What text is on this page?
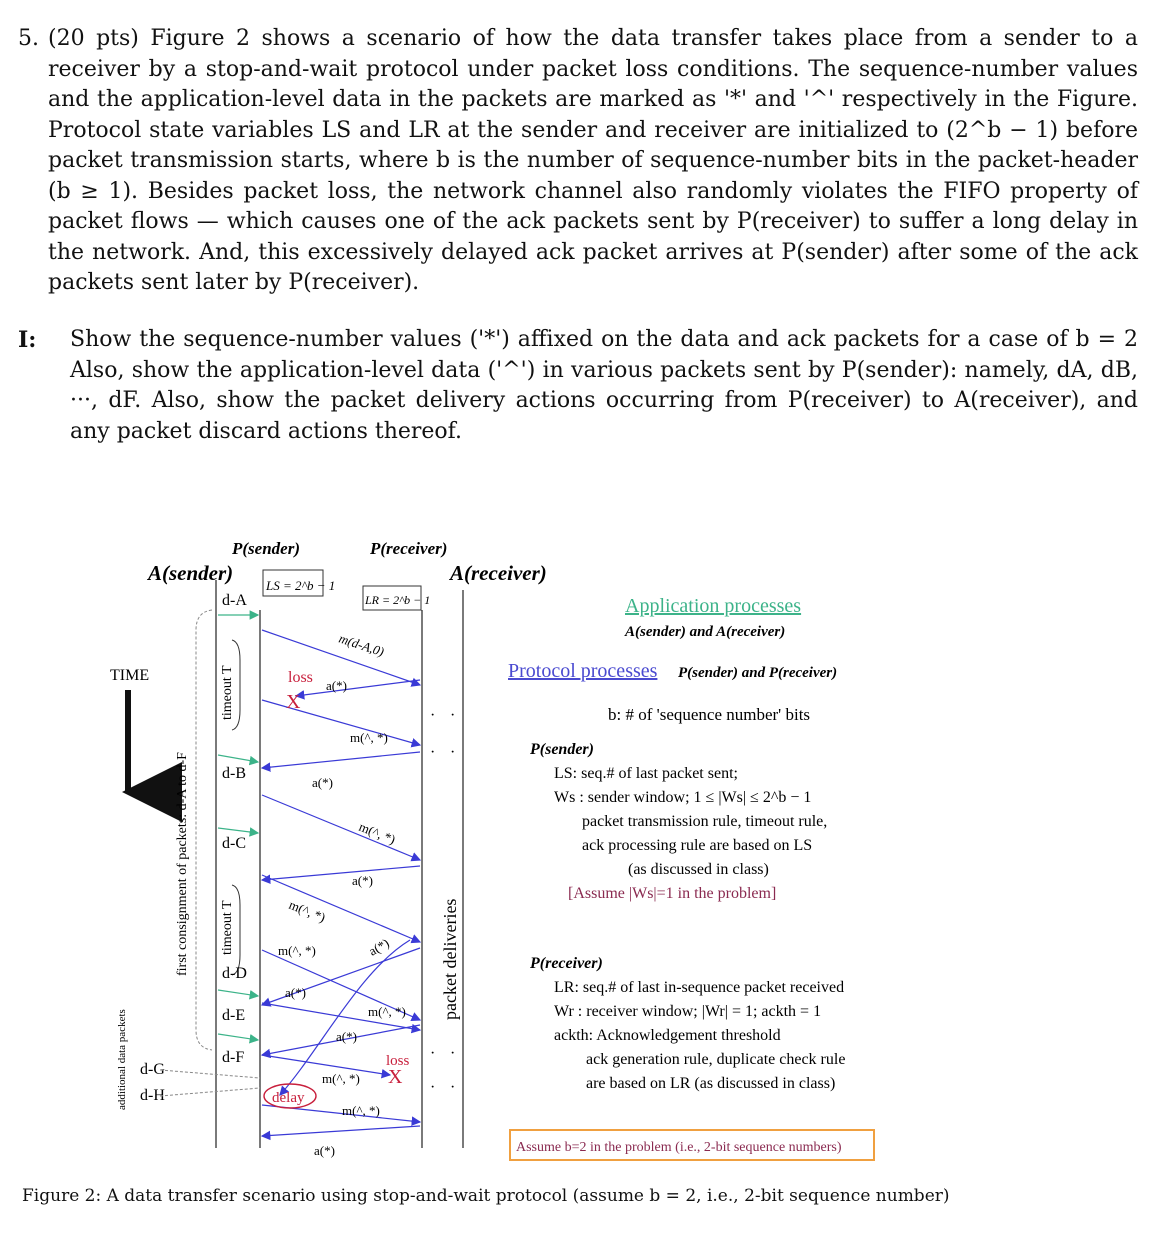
5. (20 pts) Figure 2 shows a scenario of how the data transfer takes place from a sender to a receiver by a stop-and-wait protocol under packet loss conditions. The sequence-number values and the application-level data in the packets are marked as '*' and '^' respectively in the Figure. Protocol state variables LS and LR at the sender and receiver are initialized to (2^b − 1) before packet transmission starts, where b is the number of sequence-number bits in the packet-header (b ≥ 1). Besides packet loss, the network channel also randomly violates the FIFO property of packet flows — which causes one of the ack packets sent by P(receiver) to suffer a long delay in the network. And, this excessively delayed ack packet arrives at P(sender) after some of the ack packets sent later by P(receiver).
I: Show the sequence-number values ('*') affixed on the data and ack packets for a case of b = 2 Also, show the application-level data ('^') in various packets sent by P(sender): namely, dA, dB, ···, dF. Also, show the packet delivery actions occurring from P(receiver) to A(receiver), and any packet discard actions thereof.
P(sender)	P(receiver)
A(sender)	A(receiver)
LS = 2^b − 1
LR = 2^b − 1
TIME
first consignment of packets: d-A to d-F
additional data packets
timeout T
timeout T	packet deliveries
d-A
d-B
d-C
d-D
d-E
d-F
d-G
d-H
m(d-A,0)
m(^, *)
m(^, *)
m(^, *)
m(^, *)
m(^, *)
m(^, *)
m(^, *)
a(*)
a(*)
a(*)
a(*)
a(*)
a(*)
a(*)
delay
loss
X
loss
X
· ·
· ·
· ·
· ·
Application processes
A(sender) and A(receiver)
Protocol processes P(sender) and P(receiver)
b: # of 'sequence number' bits
P(sender)
LS: seq.# of last packet sent;
Ws : sender window; 1 ≤ |Ws| ≤ 2^b − 1
packet transmission rule, timeout rule,
ack processing rule are based on LS
(as discussed in class)
[Assume |Ws|=1 in the problem]
P(receiver)
LR: seq.# of last in-sequence packet received
Wr : receiver window; |Wr| = 1; ackth = 1
ackth: Acknowledgement threshold
ack generation rule, duplicate check rule
are based on LR (as discussed in class)
Assume b=2 in the problem (i.e., 2-bit sequence numbers)
Figure 2: A data transfer scenario using stop-and-wait protocol (assume b = 2, i.e., 2-bit sequence number)
